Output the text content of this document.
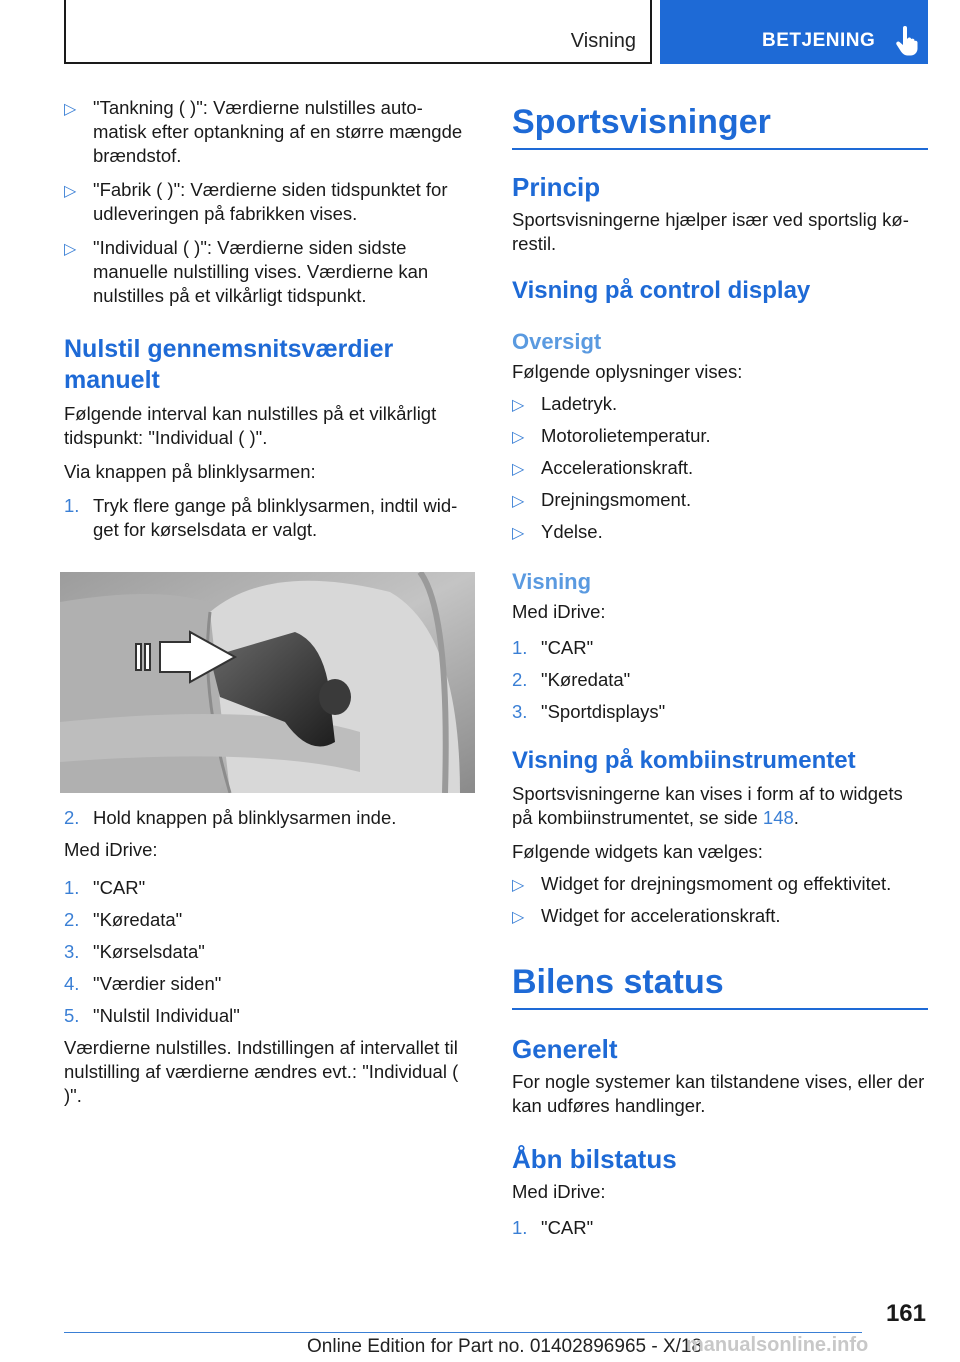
Visning	BETJENING
▷ "Tankning ( )": Værdierne nulstilles auto-matisk efter optankning af en større mængde brændstof.
▷ "Fabrik ( )": Værdierne siden tidspunktet for udleveringen på fabrikken vises.
▷ "Individual ( )": Værdierne siden sidste manuelle nulstilling vises. Værdierne kan nulstilles på et vilkårligt tidspunkt.
Nulstil gennemsnitsværdier manuelt

Følgende interval kan nulstilles på et vilkårligt tidspunkt: "Individual ( )".

Via knappen på blinklysarmen:

1. Tryk flere gange på blinklysarmen, indtil wid-get for kørselsdata er valgt.
2. Hold knappen på blinklysarmen inde.

Med iDrive:

1. "CAR"
2. "Køredata"
3. "Kørselsdata"
4. "Værdier siden"
5. "Nulstil Individual"

Værdierne nulstilles. Indstillingen af intervallet til nulstilling af værdierne ændres evt.: "Individual ( )".

Sportsvisninger
Princip

Sportsvisningerne hjælper især ved sportslig kø-restil.

Visning på control display
Oversigt

Følgende oplysninger vises:

▷ Ladetryk.
▷ Motorolietemperatur.
▷ Accelerationskraft.
▷ Drejningsmoment.
▷ Ydelse.
Visning

Med iDrive:

1. "CAR"
2. "Køredata"
3. "Sportdisplays"
Visning på kombiinstrumentet

Sportsvisningerne kan vises i form af to widgets på kombiinstrumentet, se side 148.

Følgende widgets kan vælges:

▷ Widget for drejningsmoment og effektivitet.
▷ Widget for accelerationskraft.
Bilens status
Generelt

For nogle systemer kan tilstandene vises, eller der kan udføres handlinger.

Åbn bilstatus

Med iDrive:

1. "CAR"
161
Online Edition for Part no. 01402896965 - X/18
manualsonline.info
